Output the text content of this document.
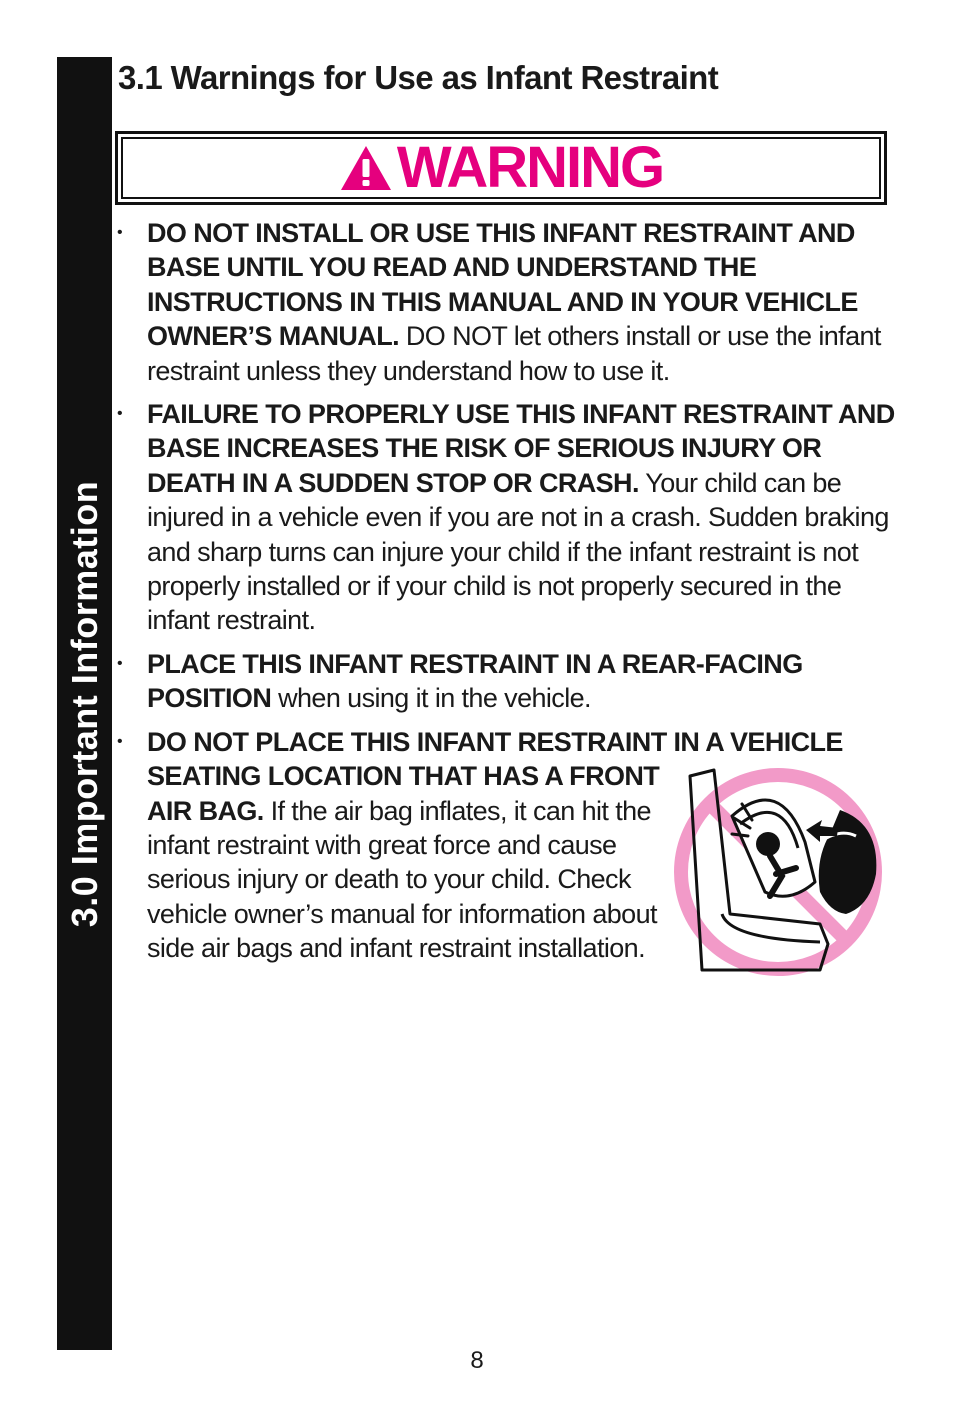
3.0 Important Information
3.1 Warnings for Use as Infant Restraint
WARNING
• DO NOT INSTALL OR USE THIS INFANT RESTRAINT AND BASE UNTIL YOU READ AND UNDERSTAND THE INSTRUCTIONS IN THIS MANUAL AND IN YOUR VEHICLE OWNER’S MANUAL. DO NOT let others install or use the infant restraint unless they understand how to use it.
• FAILURE TO PROPERLY USE THIS INFANT RESTRAINT AND BASE INCREASES THE RISK OF SERIOUS INJURY OR DEATH IN A SUDDEN STOP OR CRASH. Your child can be injured in a vehicle even if you are not in a crash. Sudden braking and sharp turns can injure your child if the infant restraint is not properly installed or if your child is not properly secured in the infant restraint.
• PLACE THIS INFANT RESTRAINT IN A REAR-FACING POSITION when using it in the vehicle.
• DO NOT PLACE THIS INFANT RESTRAINT IN A VEHICLE
SEATING LOCATION THAT HAS A FRONT
AIR BAG. If the air bag inflates, it can hit the
infant restraint with great force and cause
serious injury or death to your child. Check
vehicle owner’s manual for information about
side air bags and infant restraint installation.
8
